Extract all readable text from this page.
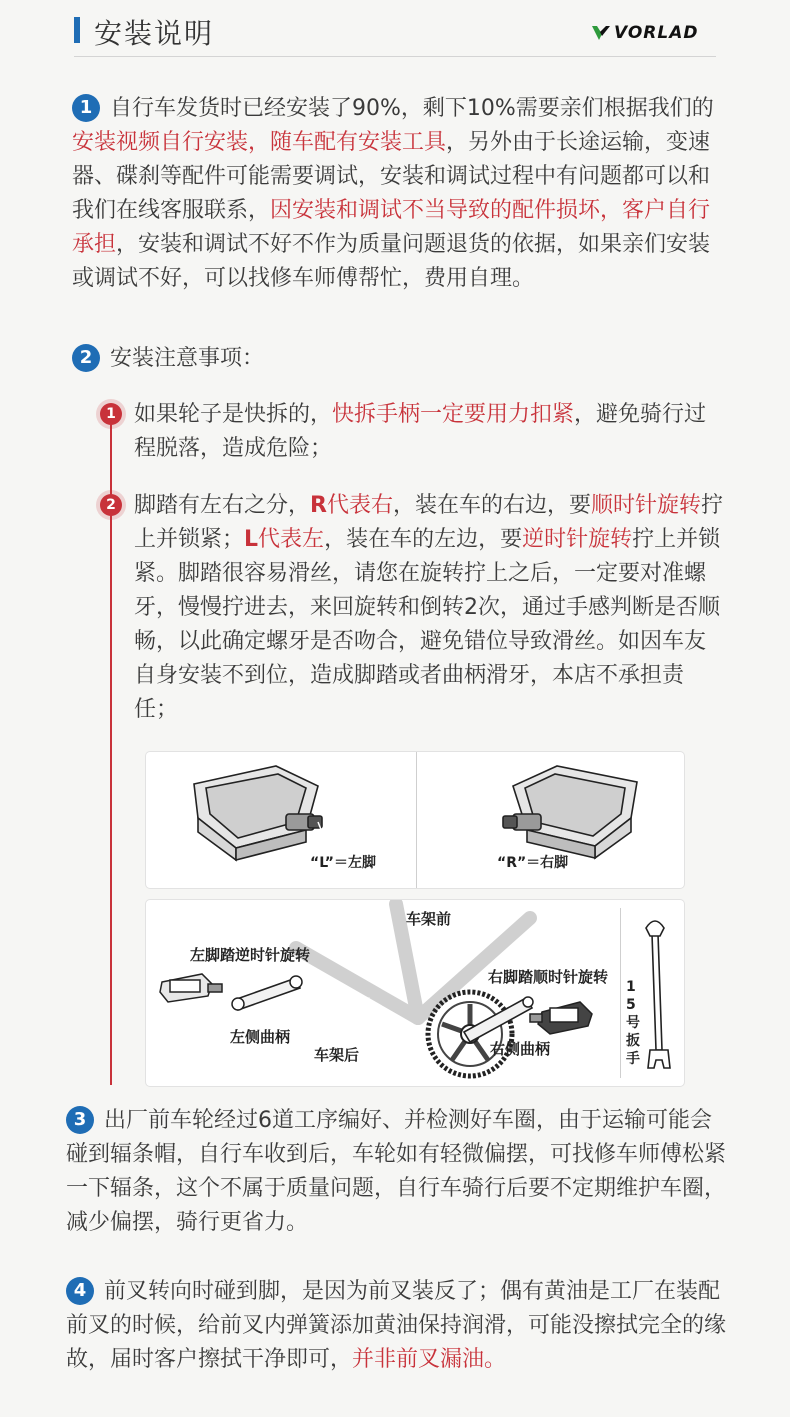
安装说明	VORLAD
1 自行车发货时已经安装了90%，剩下10%需要亲们根据我们的安装视频自行安装，随车配有安装工具，另外由于长途运输，变速器、碟刹等配件可能需要调试，安装和调试过程中有问题都可以和我们在线客服联系，因安装和调试不当导致的配件损坏，客户自行承担，安装和调试不好不作为质量问题退货的依据，如果亲们安装或调试不好，可以找修车师傅帮忙，费用自理。
2 安装注意事项：
1 如果轮子是快拆的，快拆手柄一定要用力扣紧，避免骑行过程脱落，造成危险；
2 脚踏有左右之分，R代表右，装在车的右边，要顺时针旋转拧上并锁紧；L代表左，装在车的左边，要逆时针旋转拧上并锁紧。脚踏很容易滑丝，请您在旋转拧上之后，一定要对准螺牙，慢慢拧进去，来回旋转和倒转2次，通过手感判断是否顺畅，以此确定螺牙是否吻合，避免错位导致滑丝。如因车友自身安装不到位，造成脚踏或者曲柄滑牙，本店不承担责任；
“L”＝左脚	“R”＝右脚
KNIGHT
车架前
左脚踏逆时针旋转
右脚踏顺时针旋转
左侧曲柄
车架后	右侧曲柄
15号扳手
3 出厂前车轮经过6道工序编好、并检测好车圈，由于运输可能会碰到辐条帽，自行车收到后，车轮如有轻微偏摆，可找修车师傅松紧一下辐条，这个不属于质量问题，自行车骑行后要不定期维护车圈，减少偏摆，骑行更省力。
4 前叉转向时碰到脚，是因为前叉装反了；偶有黄油是工厂在装配前叉的时候，给前叉内弹簧添加黄油保持润滑，可能没擦拭完全的缘故，届时客户擦拭干净即可，并非前叉漏油。
